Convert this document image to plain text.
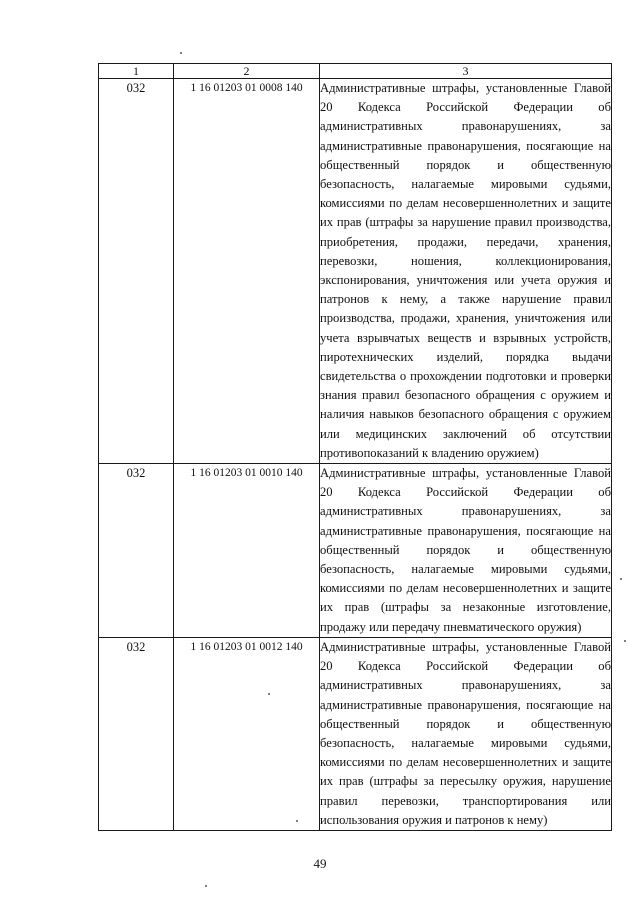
1	2	3
032	1 16 01203 01 0008 140	Административные штрафы, установленные Главой 20 Кодекса Российской Федерации об административных правонарушениях, за административные правонарушения, посягающие на общественный порядок и общественную безопасность, налагаемые мировыми судьями, комиссиями по делам несовершеннолетних и защите их прав (штрафы за нарушение правил производства, приобретения, продажи, передачи, хранения, перевозки, ношения, коллекционирования, экспонирования, уничтожения или учета оружия и патронов к нему, а также нарушение правил производства, продажи, хранения, уничтожения или учета взрывчатых веществ и взрывных устройств, пиротехнических изделий, порядка выдачи свидетельства о прохождении подготовки и проверки знания правил безопасного обращения с оружием и наличия навыков безопасного обращения с оружием или медицинских заключений об отсутствии противопоказаний к владению оружием)
032	1 16 01203 01 0010 140	Административные штрафы, установленные Главой 20 Кодекса Российской Федерации об административных правонарушениях, за административные правонарушения, посягающие на общественный порядок и общественную безопасность, налагаемые мировыми судьями, комиссиями по делам несовершеннолетних и защите их прав (штрафы за незаконные изготовление, продажу или передачу пневматического оружия)
032	1 16 01203 01 0012 140	Административные штрафы, установленные Главой 20 Кодекса Российской Федерации об административных правонарушениях, за административные правонарушения, посягающие на общественный порядок и общественную безопасность, налагаемые мировыми судьями, комиссиями по делам несовершеннолетних и защите их прав (штрафы за пересылку оружия, нарушение правил перевозки, транспортирования или использования оружия и патронов к нему)
49
